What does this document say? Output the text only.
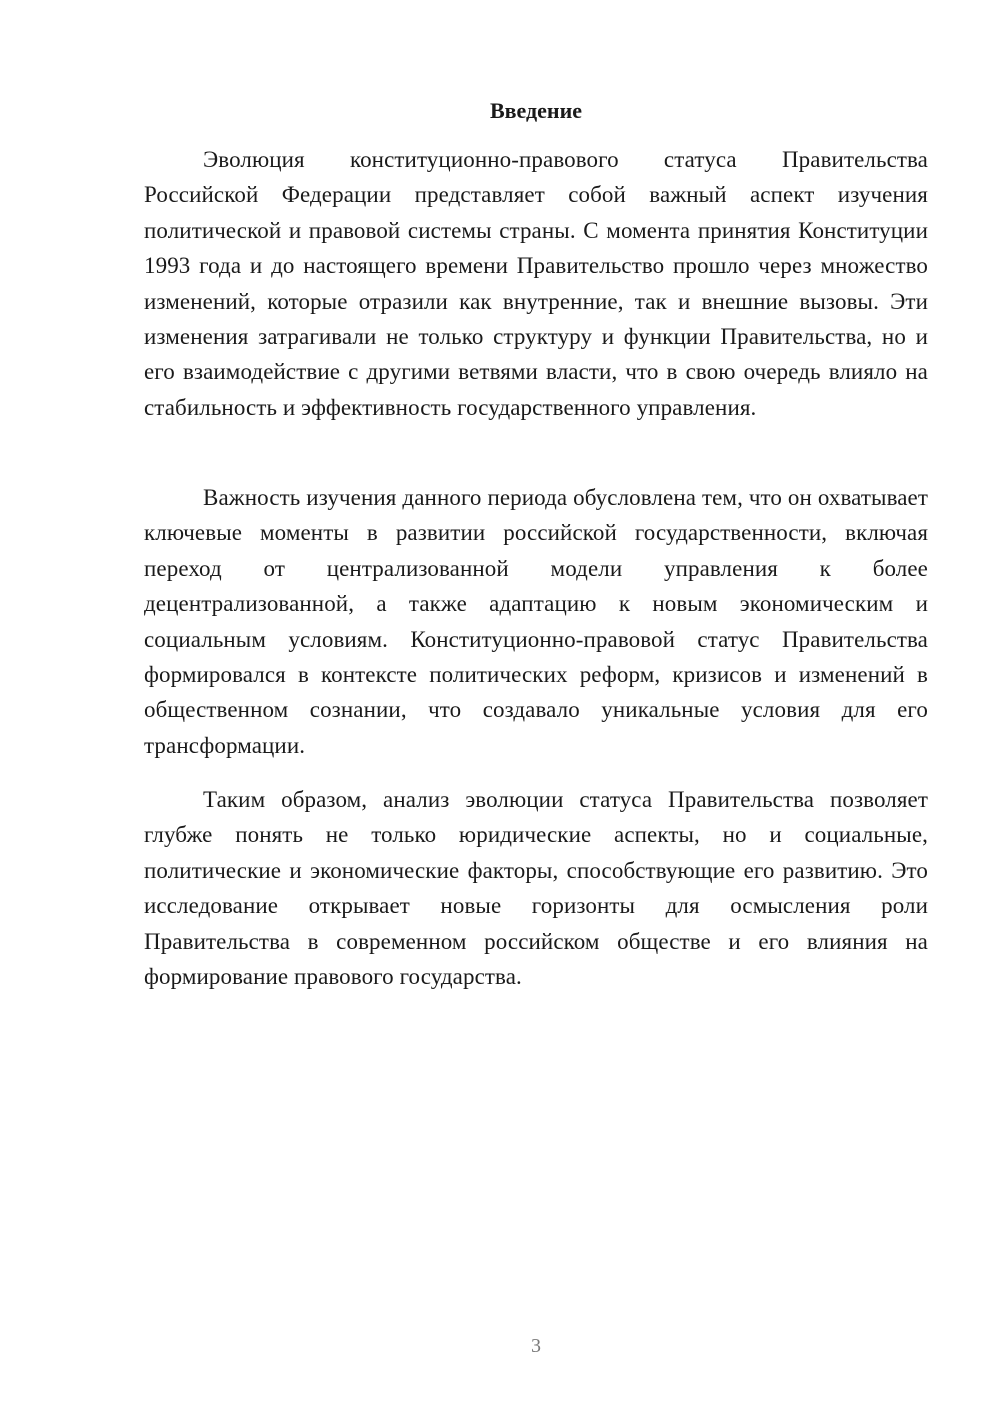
Введение

Эволюция конституционно-правового статуса Правительства Российской Федерации представляет собой важный аспект изучения политической и правовой системы страны. С момента принятия Конституции 1993 года и до настоящего времени Правительство прошло через множество изменений, которые отразили как внутренние, так и внешние вызовы. Эти изменения затрагивали не только структуру и функции Правительства, но и его взаимодействие с другими ветвями власти, что в свою очередь влияло на стабильность и эффективность государственного управления.

Важность изучения данного периода обусловлена тем, что он охватывает ключевые моменты в развитии российской государственности, включая переход от централизованной модели управления к более децентрализованной, а также адаптацию к новым экономическим и социальным условиям. Конституционно-правовой статус Правительства формировался в контексте политических реформ, кризисов и изменений в общественном сознании, что создавало уникальные условия для его трансформации.

Таким образом, анализ эволюции статуса Правительства позволяет глубже понять не только юридические аспекты, но и социальные, политические и экономические факторы, способствующие его развитию. Это исследование открывает новые горизонты для осмысления роли Правительства в современном российском обществе и его влияния на формирование правового государства.

3
